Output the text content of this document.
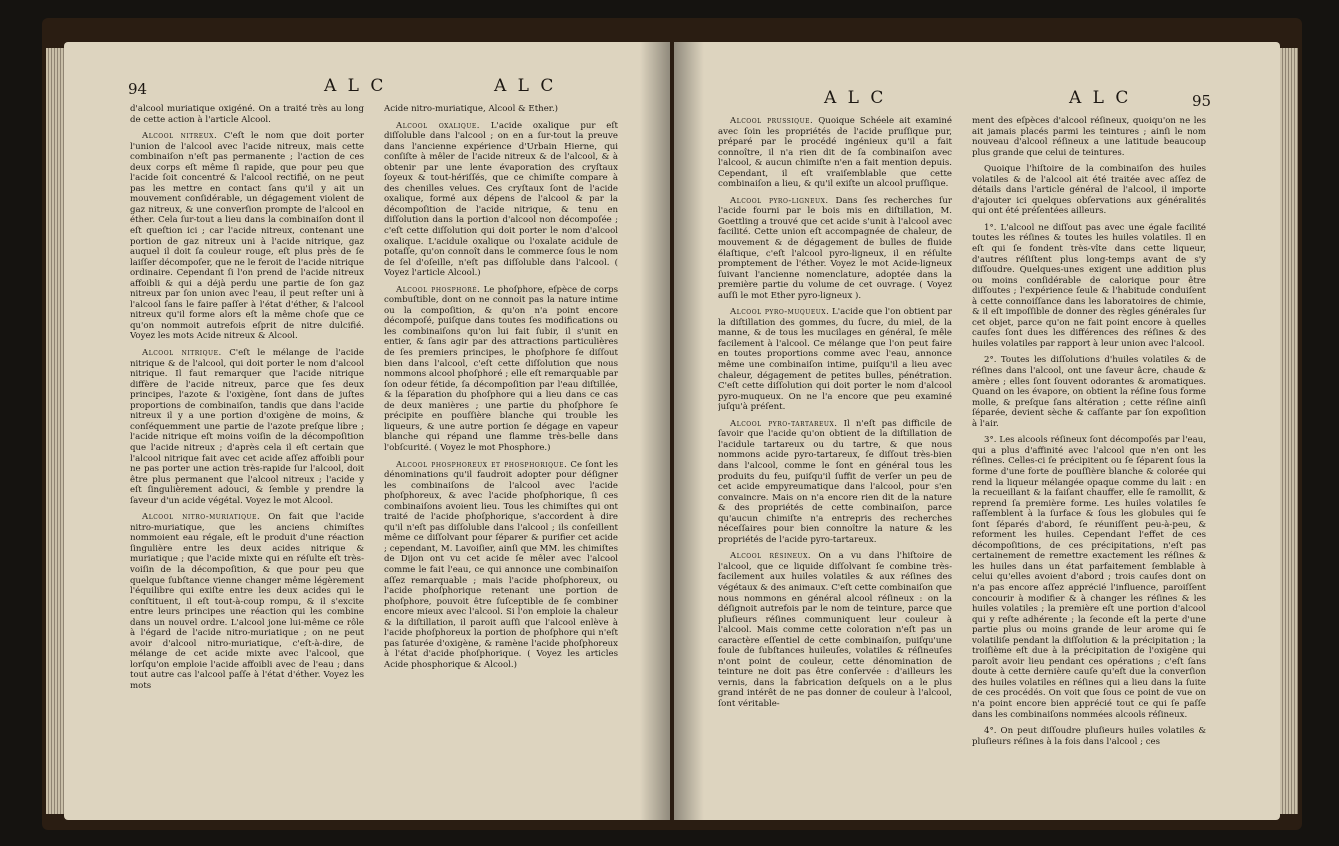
94	A L C	A L C

d'alcool muriatique oxigéné. On a traité très au long de cette action à l'article Alcool.

Alcool nitreux. C'eſt le nom que doit porter l'union de l'alcool avec l'acide nitreux, mais cette combinaiſon n'eſt pas permanente ; l'action de ces deux corps eſt même ſi rapide, que pour peu que l'acide ſoit concentré & l'alcool rectifié, on ne peut pas les mettre en contact ſans qu'il y ait un mouvement conſidérable, un dégagement violent de gaz nitreux, & une converſion prompte de l'alcool en éther. Cela ſur-tout a lieu dans la combinaiſon dont il eſt queſtion ici ; car l'acide nitreux, contenant une portion de gaz nitreux uni à l'acide nitrique, gaz auquel il doit ſa couleur rouge, eſt plus près de ſe laiſſer décompoſer, que ne le feroit de l'acide nitrique ordinaire. Cependant ſi l'on prend de l'acide nitreux affoibli & qui a déjà perdu une partie de ſon gaz nitreux par ſon union avec l'eau, il peut reſter uni à l'alcool ſans le faire paſſer à l'état d'éther, & l'alcool nitreux qu'il forme alors eſt la même choſe que ce qu'on nommoit autrefois eſprit de nitre dulcifié. Voyez les mots Acide nitreux & Alcool.

Alcool nitrique. C'eſt le mélange de l'acide nitrique & de l'alcool, qui doit porter le nom d'alcool nitrique. Il faut remarquer que l'acide nitrique diffère de l'acide nitreux, parce que ſes deux principes, l'azote & l'oxigène, ſont dans de juſtes proportions de combinaiſon, tandis que dans l'acide nitreux il y a une portion d'oxigène de moins, & conſéquemment une partie de l'azote preſque libre ; l'acide nitrique eſt moins voiſin de la décompoſition que l'acide nitreux ; d'après cela il eſt certain que l'alcool nitrique fait avec cet acide aſſez affoibli pour ne pas porter une action très-rapide ſur l'alcool, doit être plus permanent que l'alcool nitreux ; l'acide y eſt ſingulièrement adouci, & ſemble y prendre la ſaveur d'un acide végétal. Voyez le mot Alcool.

Alcool nitro-muriatique. On fait que l'acide nitro-muriatique, que les anciens chimiſtes nommoient eau régale, eſt le produit d'une réaction ſingulière entre les deux acides nitrique & muriatique ; que l'acide mixte qui en réſulte eſt très-voiſin de la décompoſition, & que pour peu que quelque ſubſtance vienne changer même légèrement l'équilibre qui exiſte entre les deux acides qui le conſtituent, il eſt tout-à-coup rompu, & il s'excite entre leurs principes une réaction qui les combine dans un nouvel ordre. L'alcool jone lui-même ce rôle à l'égard de l'acide nitro-muriatique ; on ne peut avoir d'alcool nitro-muriatique, c'eſt-à-dire, de mélange de cet acide mixte avec l'alcool, que lorſqu'on emploie l'acide affoibli avec de l'eau ; dans tout autre cas l'alcool paſſe à l'état d'éther. Voyez les mots

Acide nitro-muriatique, Alcool & Ether.)

Alcool oxalique. L'acide oxalique pur eſt diſſoluble dans l'alcool ; on en a ſur-tout la preuve dans l'ancienne expérience d'Urbain Hierne, qui conſiſte à mêler de l'acide nitreux & de l'alcool, & à obtenir par une lente évaporation des cryſtaux ſoyeux & tout-hériſſés, que ce chimiſte compare à des chenilles velues. Ces cryſtaux ſont de l'acide oxalique, formé aux dépens de l'alcool & par la décompoſition de l'acide nitrique, & tenu en diſſolution dans la portion d'alcool non décompoſée ; c'eſt cette diſſolution qui doit porter le nom d'alcool oxalique. L'acidule oxalique ou l'oxalate acidule de potaſſe, qu'on connoît dans le commerce ſous le nom de ſel d'oſeille, n'eſt pas diſſoluble dans l'alcool. ( Voyez l'article Alcool.)

Alcool phosphoré. Le phoſphore, eſpèce de corps combuſtible, dont on ne connoit pas la nature intime ou la compoſition, & qu'on n'a point encore décompoſé, puiſque dans toutes ſes modifications ou les combinaiſons qu'on lui fait ſubir, il s'unit en entier, & ſans agir par des attractions particulières de ſes premiers principes, le phoſphore ſe diſſout bien dans l'alcool, c'eſt cette diſſolution que nous nommons alcool phoſphoré ; elle eſt remarquable par ſon odeur fétide, ſa décompoſition par l'eau diſtillée, & la ſéparation du phoſphore qui a lieu dans ce cas de deux manières ; une partie du phoſphore ſe précipite en pouſſière blanche qui trouble les liqueurs, & une autre portion ſe dégage en vapeur blanche qui répand une flamme très-belle dans l'obſcurité. ( Voyez le mot Phosphore.)

Alcool phosphoreux et phosphorique. Ce ſont les dénominations qu'il faudroit adopter pour déſigner les combinaiſons de l'alcool avec l'acide phoſphoreux, & avec l'acide phoſphorique, ſi ces combinaiſons avoient lieu. Tous les chimiſtes qui ont traité de l'acide phoſphorique, s'accordent à dire qu'il n'eſt pas diſſoluble dans l'alcool ; ils conſeillent même ce diſſolvant pour ſéparer & purifier cet acide ; cependant, M. Lavoiſier, ainſi que MM. les chimiſtes de Dijon ont vu cet acide ſe mêler avec l'alcool comme le fait l'eau, ce qui annonce une combinaiſon aſſez remarquable ; mais l'acide phoſphoreux, ou l'acide phoſphorique retenant une portion de phoſphore, pouvoit être ſuſceptible de ſe combiner encore mieux avec l'alcool. Si l'on emploie la chaleur & la diſtillation, il paroit auſſi que l'alcool enlève à l'acide phoſphoreux la portion de phoſphore qui n'eſt pas ſaturée d'oxigène, & ramène l'acide phoſphoreux à l'état d'acide phoſphorique. ( Voyez les articles Acide phosphorique & Alcool.)

A L C	A L C	95

Alcool prussique. Quoique Schéele ait examiné avec ſoin les propriétés de l'acide pruſſique pur, préparé par le procédé ingénieux qu'il a fait connoître, il n'a rien dit de ſa combinaiſon avec l'alcool, & aucun chimiſte n'en a fait mention depuis. Cependant, il eſt vraiſemblable que cette combinaiſon a lieu, & qu'il exiſte un alcool pruſſique.

Alcool pyro-ligneux. Dans ſes recherches ſur l'acide fourni par le bois mis en diſtillation, M. Goettling a trouvé que cet acide s'unit à l'alcool avec facilité. Cette union eſt accompagnée de chaleur, de mouvement & de dégagement de bulles de fluide élaſtique, c'eſt l'alcool pyro-ligneux, il en réſulte promptement de l'éther. Voyez le mot Acide-ligneux ſuivant l'ancienne nomenclature, adoptée dans la première partie du volume de cet ouvrage. ( Voyez auſſi le mot Ether pyro-ligneux ).

Alcool pyro-muqueux. L'acide que l'on obtient par la diſtillation des gommes, du ſucre, du miel, de la manne, & de tous les mucilages en général, ſe mêle facilement à l'alcool. Ce mélange que l'on peut faire en toutes proportions comme avec l'eau, annonce même une combinaiſon intime, puiſqu'il a lieu avec chaleur, dégagement de petites bulles, pénétration. C'eſt cette diſſolution qui doit porter le nom d'alcool pyro-muqueux. On ne l'a encore que peu examiné juſqu'à préſent.

Alcool pyro-tartareux. Il n'eſt pas difficile de ſavoir que l'acide qu'on obtient de la diſtillation de l'acidule tartareux ou du tartre, & que nous nommons acide pyro-tartareux, ſe diſſout très-bien dans l'alcool, comme le ſont en général tous les produits du feu, puiſqu'il ſuffit de verſer un peu de cet acide empyreumatique dans l'alcool, pour s'en convaincre. Mais on n'a encore rien dit de la nature & des propriétés de cette combinaiſon, parce qu'aucun chimiſte n'a entrepris des recherches néceſſaires pour bien connoître la nature & les propriétés de l'acide pyro-tartareux.

Alcool résineux. On a vu dans l'hiſtoire de l'alcool, que ce liquide diſſolvant ſe combine très-facilement aux huiles volatiles & aux réſines des végétaux & des animaux. C'eſt cette combinaiſon que nous nommons en général alcool réſineux : on la déſignoit autrefois par le nom de teinture, parce que pluſieurs réſines communiquent leur couleur à l'alcool. Mais comme cette coloration n'eſt pas un caractère eſſentiel de cette combinaiſon, puiſqu'une foule de ſubſtances huileuſes, volatiles & réſineuſes n'ont point de couleur, cette dénomination de teinture ne doit pas être conſervée : d'ailleurs les vernis, dans la fabrication deſquels on a le plus grand intérêt de ne pas donner de couleur à l'alcool, ſont véritable-

ment des eſpèces d'alcool réſineux, quoiqu'on ne les ait jamais placés parmi les teintures ; ainſi le nom nouveau d'alcool réſineux a une latitude beaucoup plus grande que celui de teintures.

Quoique l'hiſtoire de la combinaiſon des huiles volatiles & de l'alcool ait été traitée avec aſſez de détails dans l'article général de l'alcool, il importe d'ajouter ici quelques obſervations aux généralités qui ont été préſentées ailleurs.

1°. L'alcool ne diſſout pas avec une égale facilité toutes les réſines & toutes les huiles volatiles. Il en eſt qui ſe fondent très-vîte dans cette liqueur, d'autres réſiſtent plus long-temps avant de s'y diſſoudre. Quelques-unes exigent une addition plus ou moins conſidérable de calorique pour être diſſoutes ; l'expérience ſeule & l'habitude conduiſent à cette connoiſſance dans les laboratoires de chimie, & il eſt impoſſible de donner des règles générales ſur cet objet, parce qu'on ne fait point encore à quelles cauſes ſont dues les différences des réſines & des huiles volatiles par rapport à leur union avec l'alcool.

2°. Toutes les diſſolutions d'huiles volatiles & de réſines dans l'alcool, ont une ſaveur âcre, chaude & amère ; elles ſont ſouvent odorantes & aromatiques. Quand on les évapore, on obtient la réſine ſous forme molle, & preſque ſans altération ; cette réſine ainſi ſéparée, devient sèche & caſſante par ſon expoſition à l'air.

3°. Les alcools réſineux ſont décompoſés par l'eau, qui a plus d'affinité avec l'alcool que n'en ont les réſines. Celles-ci ſe précipitent ou ſe ſéparent ſous la forme d'une forte de pouſſière blanche & colorée qui rend la liqueur mélangée opaque comme du lait : en la recueillant & la faiſant chauffer, elle ſe ramollit, & reprend ſa première forme. Les huiles volatiles ſe raſſemblent à la ſurface & ſous les globules qui ſe ſont ſéparés d'abord, ſe réuniſſent peu-à-peu, & reforment les huiles. Cependant l'effet de ces décompoſitions, de ces précipitations, n'eſt pas certainement de remettre exactement les réſines & les huiles dans un état parfaitement ſemblable à celui qu'elles avoient d'abord ; trois cauſes dont on n'a pas encore aſſez apprécié l'influence, paroiſſent concourir à modifier & à changer les réſines & les huiles volatiles ; la première eſt une portion d'alcool qui y reſte adhérente ; la ſeconde eſt la perte d'une partie plus ou moins grande de leur arome qui ſe volatiliſe pendant la diſſolution & la précipitation ; la troiſième eſt due à la précipitation de l'oxigène qui paroît avoir lieu pendant ces opérations ; c'eſt ſans doute à cette dernière cauſe qu'eſt due la converſion des huiles volatiles en réſines qui a lieu dans la ſuite de ces procédés. On voit que ſous ce point de vue on n'a point encore bien apprécié tout ce qui ſe paſſe dans les combinaiſons nommées alcools réſineux.

4°. On peut diſſoudre pluſieurs huiles volatiles & pluſieurs réſines à la fois dans l'alcool ; ces
